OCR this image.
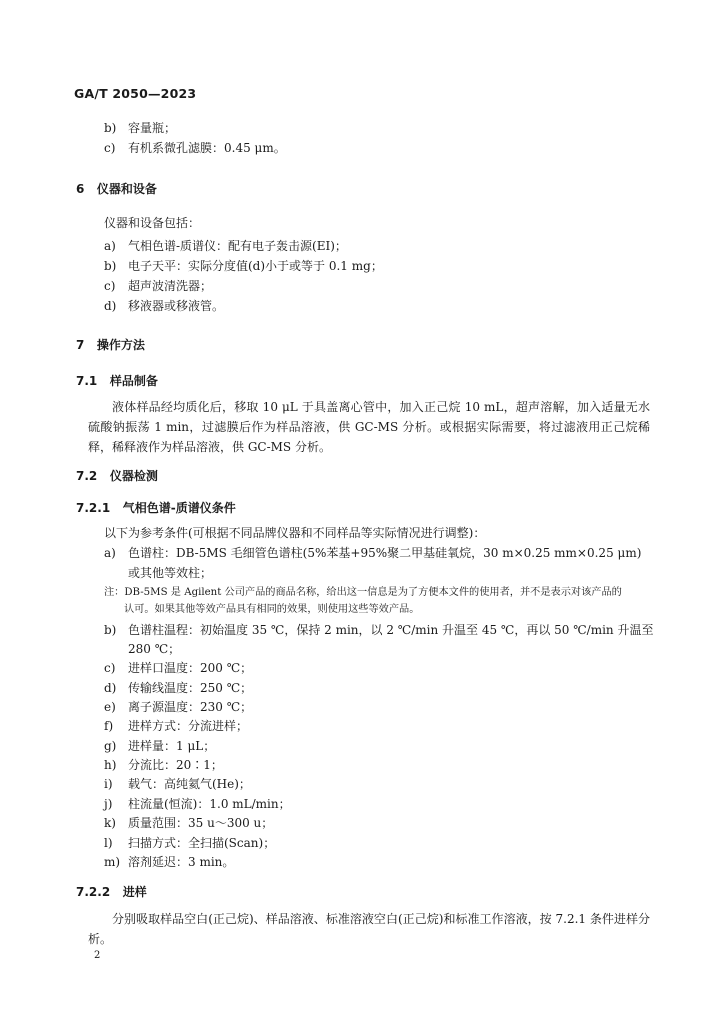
GA/T 2050—2023
b) 容量瓶；
c) 有机系微孔滤膜：0.45 μm。
6 仪器和设备
仪器和设备包括：
a) 气相色谱-质谱仪：配有电子轰击源(EI)；
b) 电子天平：实际分度值(d)小于或等于 0.1 mg；
c) 超声波清洗器；
d) 移液器或移液管。
7 操作方法
7.1 样品制备
液体样品经均质化后，移取 10 μL 于具盖离心管中，加入正己烷 10 mL，超声溶解，加入适量无水硫酸钠振荡 1 min，过滤膜后作为样品溶液，供 GC-MS 分析。或根据实际需要，将过滤液用正己烷稀释，稀释液作为样品溶液，供 GC-MS 分析。
7.2 仪器检测
7.2.1 气相色谱-质谱仪条件
以下为参考条件(可根据不同品牌仪器和不同样品等实际情况进行调整)：
a) 色谱柱：DB-5MS 毛细管色谱柱(5%苯基+95%聚二甲基硅氧烷，30 m×0.25 mm×0.25 μm)
或其他等效柱；
注：DB-5MS 是 Agilent 公司产品的商品名称，给出这一信息是为了方便本文件的使用者，并不是表示对该产品的
认可。如果其他等效产品具有相同的效果，则使用这些等效产品。
b) 色谱柱温程：初始温度 35 ℃，保持 2 min，以 2 ℃/min 升温至 45 ℃，再以 50 ℃/min 升温至
280 ℃；
c) 进样口温度：200 ℃；
d) 传输线温度：250 ℃；
e) 离子源温度：230 ℃；
f) 进样方式：分流进样；
g) 进样量：1 μL；
h) 分流比：20∶1；
i) 载气：高纯氦气(He)；
j) 柱流量(恒流)：1.0 mL/min；
k) 质量范围：35 u～300 u；
l) 扫描方式：全扫描(Scan)；
m) 溶剂延迟：3 min。
7.2.2 进样
分别吸取样品空白(正己烷)、样品溶液、标准溶液空白(正己烷)和标准工作溶液，按 7.2.1 条件进样分析。
2
